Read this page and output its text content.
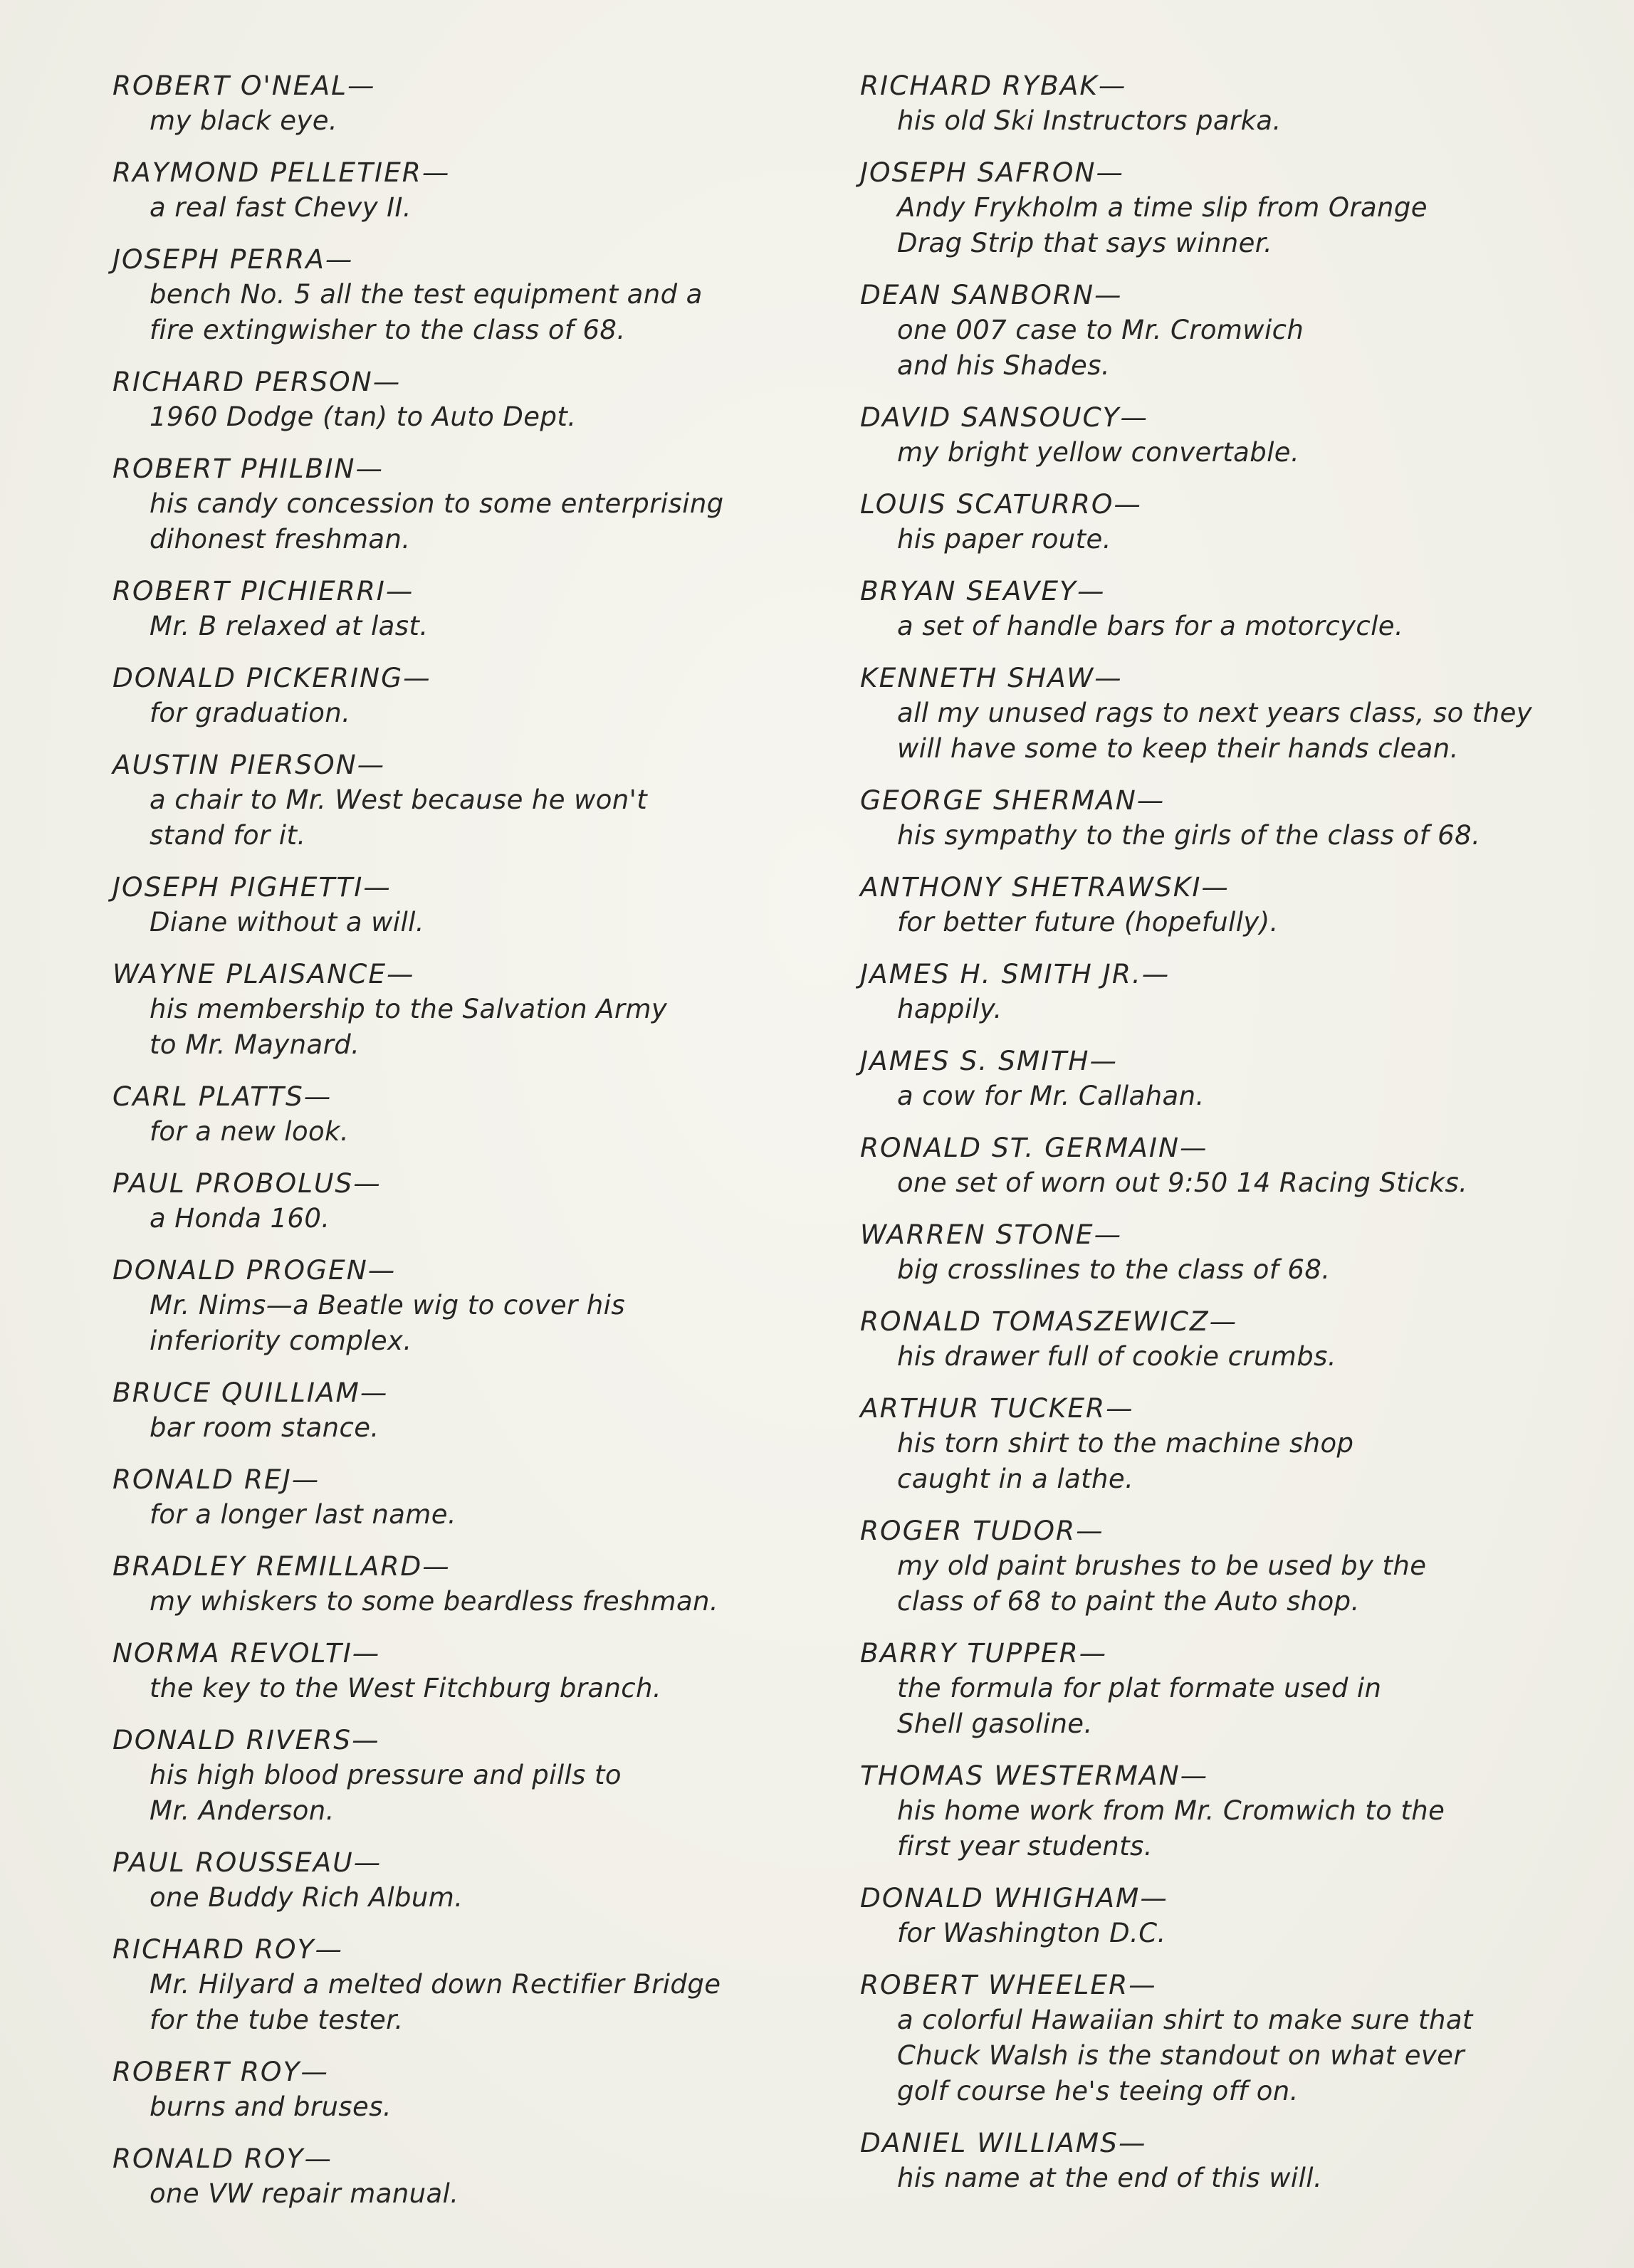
ROBERT O'NEAL—
my black eye.
RAYMOND PELLETIER—
a real fast Chevy II.
JOSEPH PERRA—
bench No. 5 all the test equipment and a
fire extingwisher to the class of 68.
RICHARD PERSON—
1960 Dodge (tan) to Auto Dept.
ROBERT PHILBIN—
his candy concession to some enterprising
dihonest freshman.
ROBERT PICHIERRI—
Mr. B relaxed at last.
DONALD PICKERING—
for graduation.
AUSTIN PIERSON—
a chair to Mr. West because he won't
stand for it.
JOSEPH PIGHETTI—
Diane without a will.
WAYNE PLAISANCE—
his membership to the Salvation Army
to Mr. Maynard.
CARL PLATTS—
for a new look.
PAUL PROBOLUS—
a Honda 160.
DONALD PROGEN—
Mr. Nims—a Beatle wig to cover his
inferiority complex.
BRUCE QUILLIAM—
bar room stance.
RONALD REJ—
for a longer last name.
BRADLEY REMILLARD—
my whiskers to some beardless freshman.
NORMA REVOLTI—
the key to the West Fitchburg branch.
DONALD RIVERS—
his high blood pressure and pills to
Mr. Anderson.
PAUL ROUSSEAU—
one Buddy Rich Album.
RICHARD ROY—
Mr. Hilyard a melted down Rectifier Bridge
for the tube tester.
ROBERT ROY—
burns and bruses.
RONALD ROY—
one VW repair manual.
RICHARD RYBAK—
his old Ski Instructors parka.
JOSEPH SAFRON—
Andy Frykholm a time slip from Orange
Drag Strip that says winner.
DEAN SANBORN—
one 007 case to Mr. Cromwich
and his Shades.
DAVID SANSOUCY—
my bright yellow convertable.
LOUIS SCATURRO—
his paper route.
BRYAN SEAVEY—
a set of handle bars for a motorcycle.
KENNETH SHAW—
all my unused rags to next years class, so they
will have some to keep their hands clean.
GEORGE SHERMAN—
his sympathy to the girls of the class of 68.
ANTHONY SHETRAWSKI—
for better future (hopefully).
JAMES H. SMITH JR.—
happily.
JAMES S. SMITH—
a cow for Mr. Callahan.
RONALD ST. GERMAIN—
one set of worn out 9:50 14 Racing Sticks.
WARREN STONE—
big crosslines to the class of 68.
RONALD TOMASZEWICZ—
his drawer full of cookie crumbs.
ARTHUR TUCKER—
his torn shirt to the machine shop
caught in a lathe.
ROGER TUDOR—
my old paint brushes to be used by the
class of 68 to paint the Auto shop.
BARRY TUPPER—
the formula for plat formate used in
Shell gasoline.
THOMAS WESTERMAN—
his home work from Mr. Cromwich to the
first year students.
DONALD WHIGHAM—
for Washington D.C.
ROBERT WHEELER—
a colorful Hawaiian shirt to make sure that
Chuck Walsh is the standout on what ever
golf course he's teeing off on.
DANIEL WILLIAMS—
his name at the end of this will.
